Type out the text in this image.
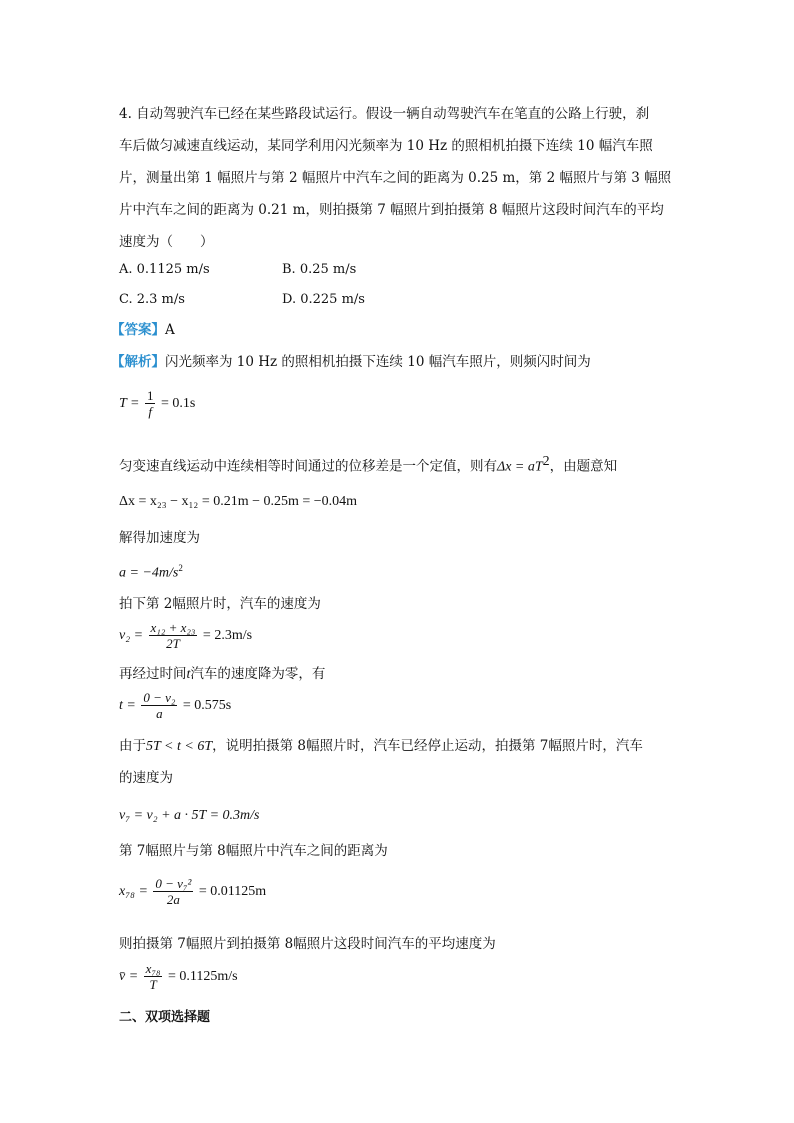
4. 自动驾驶汽车已经在某些路段试运行。假设一辆自动驾驶汽车在笔直的公路上行驶，刹
车后做匀减速直线运动，某同学利用闪光频率为 10 Hz 的照相机拍摄下连续 10 幅汽车照
片，测量出第 1 幅照片与第 2 幅照片中汽车之间的距离为 0.25 m，第 2 幅照片与第 3 幅照
片中汽车之间的距离为 0.21 m，则拍摄第 7 幅照片到拍摄第 8 幅照片这段时间汽车的平均
速度为（　　）
A. 0.1125 m/s	B. 0.25 m/s
C. 2.3 m/s	D. 0.225 m/s
【答案】A
【解析】闪光频率为 10 Hz 的照相机拍摄下连续 10 幅汽车照片，则频闪时间为
$T = \frac{1}{f} = 0.1s$
匀变速直线运动中连续相等时间通过的位移差是一个定值，则有$\Delta x = aT^2$，由题意知
Δx = x₂₃ − x₁₂ = 0.21m − 0.25m = −0.04m
解得加速度为
$a = -4m/s^2$
拍下第 2幅照片时，汽车的速度为
$v_2 = \frac{\text{x₁₂ + x₂₃}}{2T} = 2.3m/s$
再经过时间t汽车的速度降为零，有
$t = \frac{\text{0 − v₂}}{a} = 0.575s$
由于5T < t < 6T，说明拍摄第 8幅照片时，汽车已经停止运动，拍摄第 7幅照片时，汽车
的速度为
v₇ = v₂ + a · 5T = 0.3m/s
第 7幅照片与第 8幅照片中汽车之间的距离为
$x_{78} = \frac{\text{0 − v₇²}}{2a} = 0.01125m$
则拍摄第 7幅照片到拍摄第 8幅照片这段时间汽车的平均速度为
v̄ = $\frac{\text{x₇₈}}{T} = 0.1125m/s$
二、双项选择题
